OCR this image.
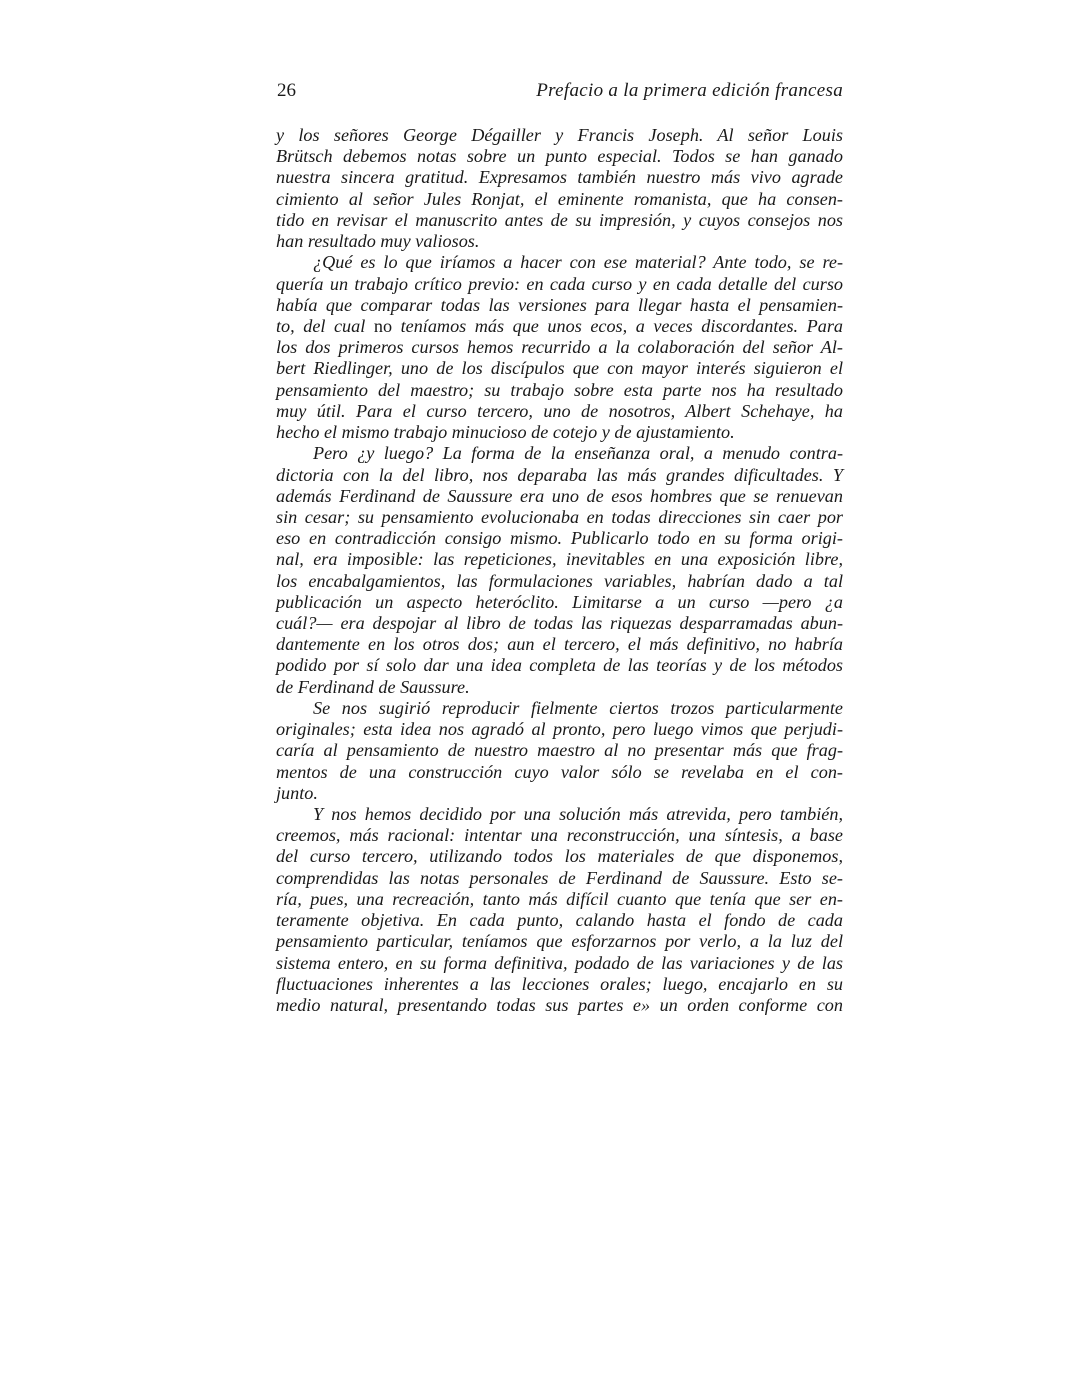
26	Prefacio a la primera edición francesa
y los señores George Dégailler y Francis Joseph. Al señor Louis
Brütsch debemos notas sobre un punto especial. Todos se han ganado
nuestra sincera gratitud. Expresamos también nuestro más vivo agrade
cimiento al señor Jules Ronjat, el eminente romanista, que ha consen-
tido en revisar el manuscrito antes de su impresión, y cuyos consejos nos
han resultado muy valiosos.
¿Qué es lo que iríamos a hacer con ese material? Ante todo, se re-
quería un trabajo crítico previo: en cada curso y en cada detalle del curso
había que comparar todas las versiones para llegar hasta el pensamien-
to, del cual no teníamos más que unos ecos, a veces discordantes. Para
los dos primeros cursos hemos recurrido a la colaboración del señor Al-
bert Riedlinger, uno de los discípulos que con mayor interés siguieron el
pensamiento del maestro; su trabajo sobre esta parte nos ha resultado
muy útil. Para el curso tercero, uno de nosotros, Albert Schehaye, ha
hecho el mismo trabajo minucioso de cotejo y de ajustamiento.
Pero ¿y luego? La forma de la enseñanza oral, a menudo contra-
dictoria con la del libro, nos deparaba las más grandes dificultades. Y
además Ferdinand de Saussure era uno de esos hombres que se renuevan
sin cesar; su pensamiento evolucionaba en todas direcciones sin caer por
eso en contradicción consigo mismo. Publicarlo todo en su forma origi-
nal, era imposible: las repeticiones, inevitables en una exposición libre,
los encabalgamientos, las formulaciones variables, habrían dado a tal
publicación un aspecto heteróclito. Limitarse a un curso —pero ¿a
cuál?— era despojar al libro de todas las riquezas desparramadas abun-
dantemente en los otros dos; aun el tercero, el más definitivo, no habría
podido por sí solo dar una idea completa de las teorías y de los métodos
de Ferdinand de Saussure.
Se nos sugirió reproducir fielmente ciertos trozos particularmente
originales; esta idea nos agradó al pronto, pero luego vimos que perjudi-
caría al pensamiento de nuestro maestro al no presentar más que frag-
mentos de una construcción cuyo valor sólo se revelaba en el con-
junto.
Y nos hemos decidido por una solución más atrevida, pero también,
creemos, más racional: intentar una reconstrucción, una síntesis, a base
del curso tercero, utilizando todos los materiales de que disponemos,
comprendidas las notas personales de Ferdinand de Saussure. Esto se-
ría, pues, una recreación, tanto más difícil cuanto que tenía que ser en-
teramente objetiva. En cada punto, calando hasta el fondo de cada
pensamiento particular, teníamos que esforzarnos por verlo, a la luz del
sistema entero, en su forma definitiva, podado de las variaciones y de las
fluctuaciones inherentes a las lecciones orales; luego, encajarlo en su
medio natural, presentando todas sus partes e» un orden conforme con
